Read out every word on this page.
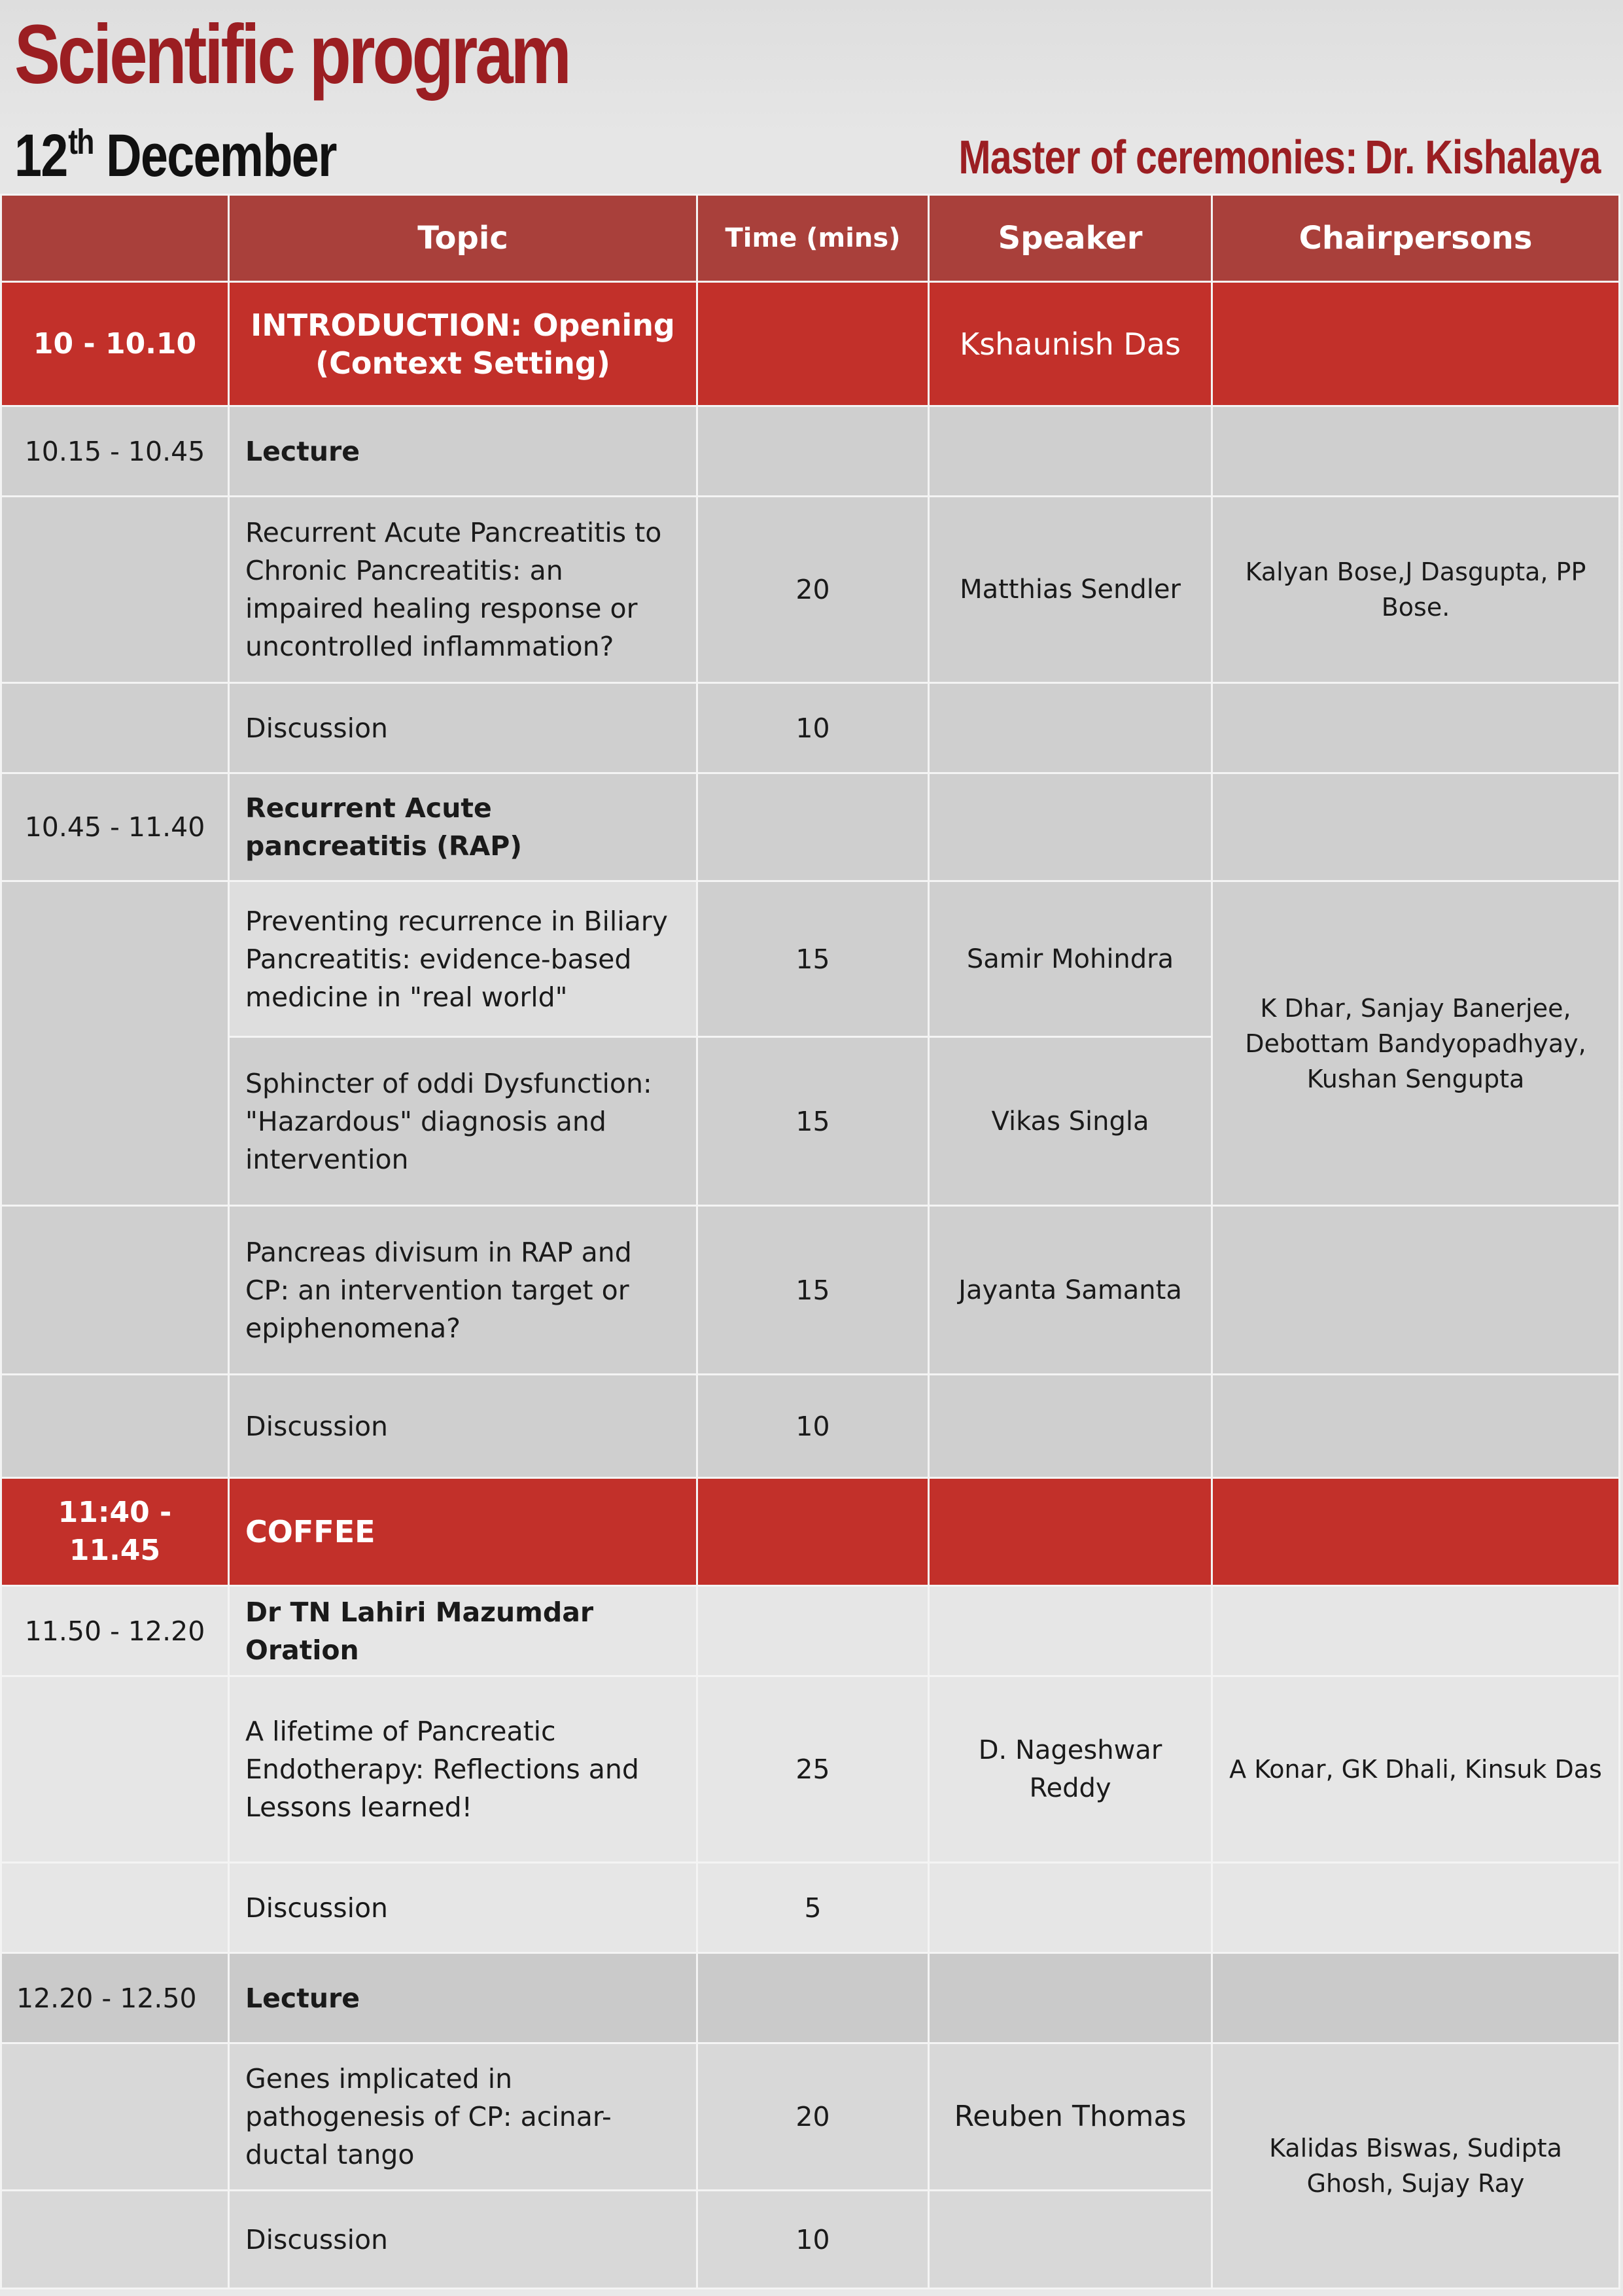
Scientific program
12th December	Master of ceremonies: Dr. Kishalaya
	Topic	Time (mins)	Speaker	Chairpersons
10 - 10.10	INTRODUCTION: Opening (Context Setting)		Kshaunish Das	
10.15 - 10.45	Lecture			
	Recurrent Acute Pancreatitis to Chronic Pancreatitis: an impaired healing response or uncontrolled inflammation?	20	Matthias Sendler	Kalyan Bose,J Dasgupta, PP Bose.
	Discussion	10		
10.45 - 11.40	Recurrent Acute pancreatitis (RAP)			
	Preventing recurrence in Biliary Pancreatitis: evidence-based medicine in "real world"	15	Samir Mohindra	K Dhar, Sanjay Banerjee, Debottam Bandyopadhyay, Kushan Sengupta
	Sphincter of oddi Dysfunction: "Hazardous" diagnosis and intervention	15	Vikas Singla	
	Pancreas divisum in RAP and CP: an intervention target or epiphenomena?	15	Jayanta Samanta	
	Discussion	10		
11:40 - 11.45	COFFEE			
11.50 - 12.20	Dr TN Lahiri Mazumdar Oration			
	A lifetime of Pancreatic Endotherapy: Reflections and Lessons learned!	25	D. Nageshwar Reddy	A Konar, GK Dhali, Kinsuk Das
	Discussion	5		
12.20 - 12.50	Lecture			
	Genes implicated in pathogenesis of CP: acinar-ductal tango	20	Reuben Thomas	Kalidas Biswas, Sudipta Ghosh, Sujay Ray
	Discussion	10		
